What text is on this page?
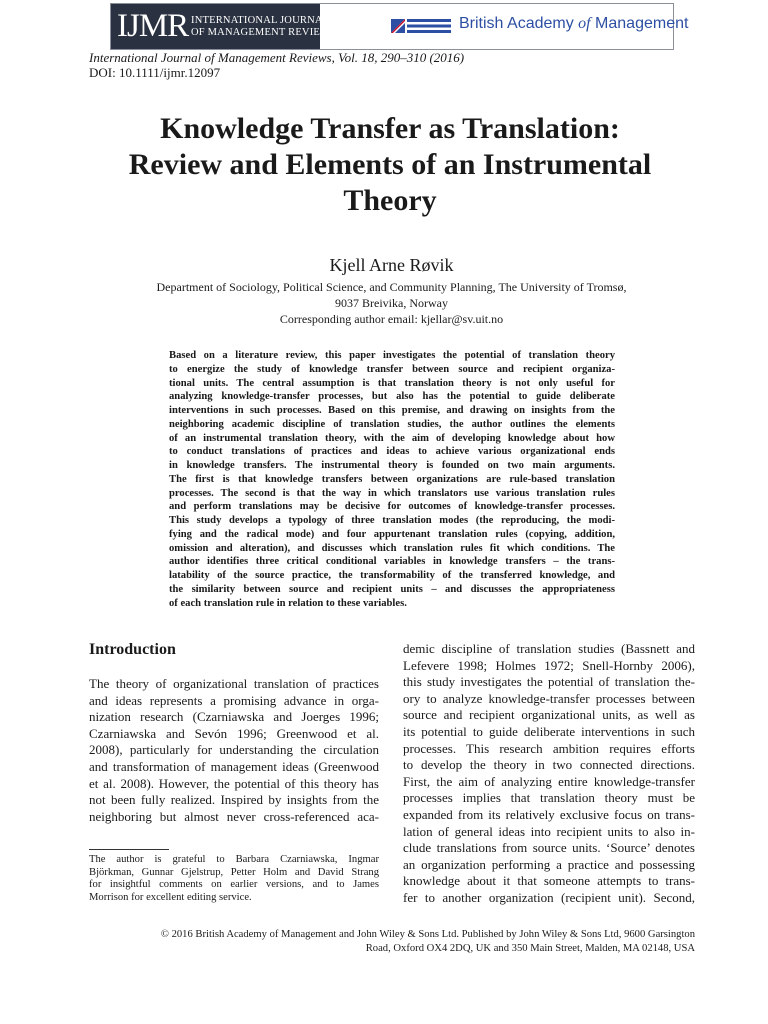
IJMR INTERNATIONAL JOURNAL
OF MANAGEMENT REVIEWS
British Academy of Management
International Journal of Management Reviews, Vol. 18, 290–310 (2016)
DOI: 10.1111/ijmr.12097
Knowledge Transfer as Translation:
Review and Elements of an Instrumental
Theory
Kjell Arne Røvik
Department of Sociology, Political Science, and Community Planning, The University of Tromsø,
9037 Breivika, Norway
Corresponding author email: kjellar@sv.uit.no
Based on a literature review, this paper investigates the potential of translation theory
to energize the study of knowledge transfer between source and recipient organiza-
tional units. The central assumption is that translation theory is not only useful for
analyzing knowledge-transfer processes, but also has the potential to guide deliberate
interventions in such processes. Based on this premise, and drawing on insights from the
neighboring academic discipline of translation studies, the author outlines the elements
of an instrumental translation theory, with the aim of developing knowledge about how
to conduct translations of practices and ideas to achieve various organizational ends
in knowledge transfers. The instrumental theory is founded on two main arguments.
The first is that knowledge transfers between organizations are rule-based translation
processes. The second is that the way in which translators use various translation rules
and perform translations may be decisive for outcomes of knowledge-transfer processes.
This study develops a typology of three translation modes (the reproducing, the modi-
fying and the radical mode) and four appurtenant translation rules (copying, addition,
omission and alteration), and discusses which translation rules fit which conditions. The
author identifies three critical conditional variables in knowledge transfers – the trans-
latability of the source practice, the transformability of the transferred knowledge, and
the similarity between source and recipient units – and discusses the appropriateness
of each translation rule in relation to these variables.
Introduction
The theory of organizational translation of practices
and ideas represents a promising advance in orga-
nization research (Czarniawska and Joerges 1996;
Czarniawska and Sevón 1996; Greenwood et al.
2008), particularly for understanding the circulation
and transformation of management ideas (Greenwood
et al. 2008). However, the potential of this theory has
not been fully realized. Inspired by insights from the
neighboring but almost never cross-referenced aca-
The author is grateful to Barbara Czarniawska, Ingmar
Björkman, Gunnar Gjelstrup, Petter Holm and David Strang
for insightful comments on earlier versions, and to James
Morrison for excellent editing service.
demic discipline of translation studies (Bassnett and
Lefevere 1998; Holmes 1972; Snell-Hornby 2006),
this study investigates the potential of translation the-
ory to analyze knowledge-transfer processes between
source and recipient organizational units, as well as
its potential to guide deliberate interventions in such
processes. This research ambition requires efforts
to develop the theory in two connected directions.
First, the aim of analyzing entire knowledge-transfer
processes implies that translation theory must be
expanded from its relatively exclusive focus on trans-
lation of general ideas into recipient units to also in-
clude translations from source units. ‘Source’ denotes
an organization performing a practice and possessing
knowledge about it that someone attempts to trans-
fer to another organization (recipient unit). Second,
© 2016 British Academy of Management and John Wiley & Sons Ltd. Published by John Wiley & Sons Ltd, 9600 Garsington
Road, Oxford OX4 2DQ, UK and 350 Main Street, Malden, MA 02148, USA
